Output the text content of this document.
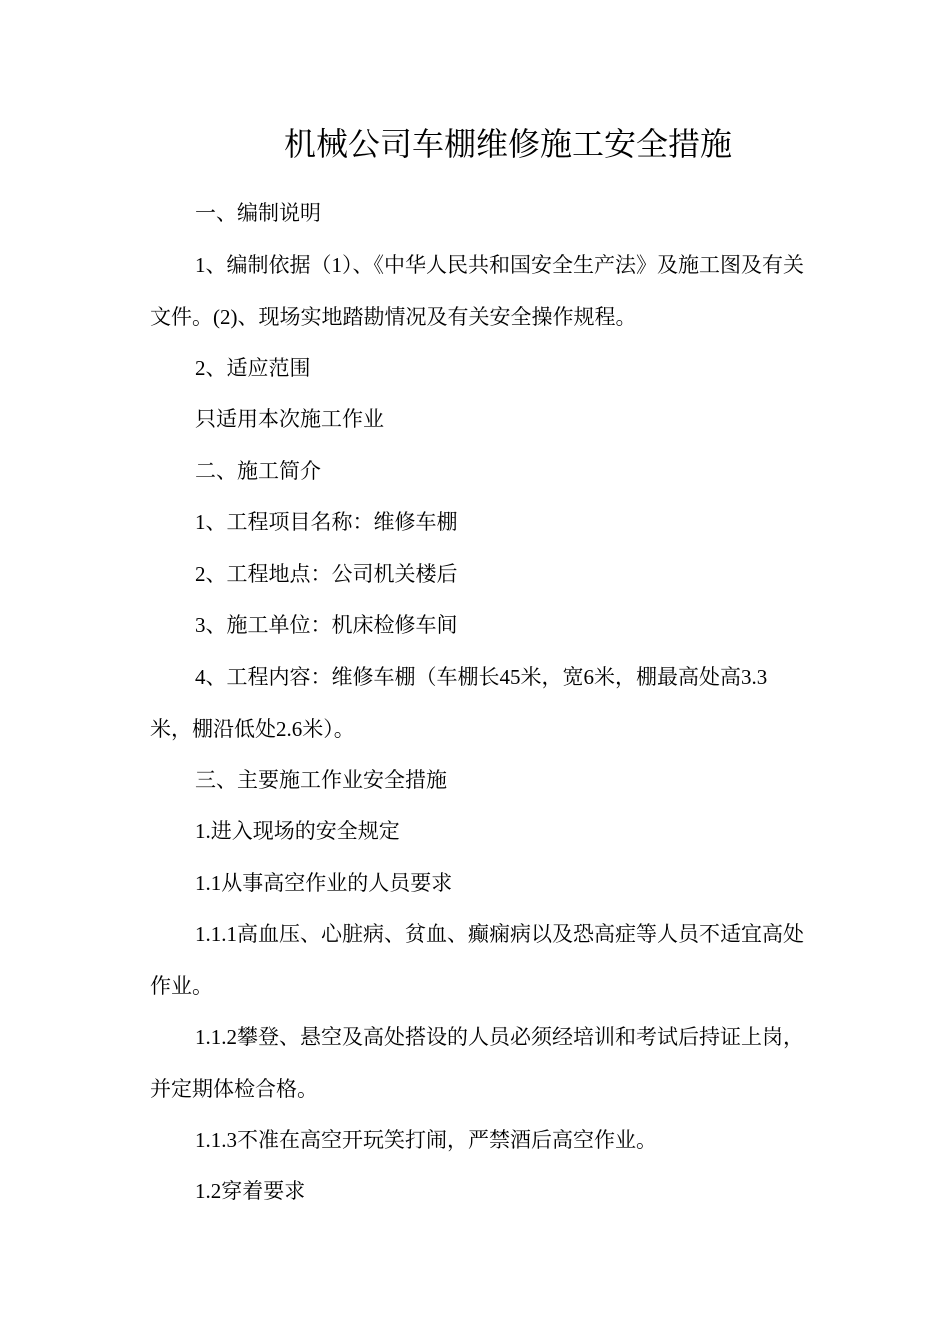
机械公司车棚维修施工安全措施
一、编制说明
1、编制依据（1）、《中华人民共和国安全生产法》及施工图及有关文件。(2)、现场实地踏勘情况及有关安全操作规程。
2、适应范围
只适用本次施工作业
二、施工简介
1、工程项目名称：维修车棚
2、工程地点：公司机关楼后
3、施工单位：机床检修车间
4、工程内容：维修车棚（车棚长45米，宽6米，棚最高处高3.3米，棚沿低处2.6米）。
三、主要施工作业安全措施
1.进入现场的安全规定
1.1从事高空作业的人员要求
1.1.1高血压、心脏病、贫血、癫痫病以及恐高症等人员不适宜高处作业。
1.1.2攀登、悬空及高处搭设的人员必须经培训和考试后持证上岗，并定期体检合格。
1.1.3不准在高空开玩笑打闹，严禁酒后高空作业。
1.2穿着要求
